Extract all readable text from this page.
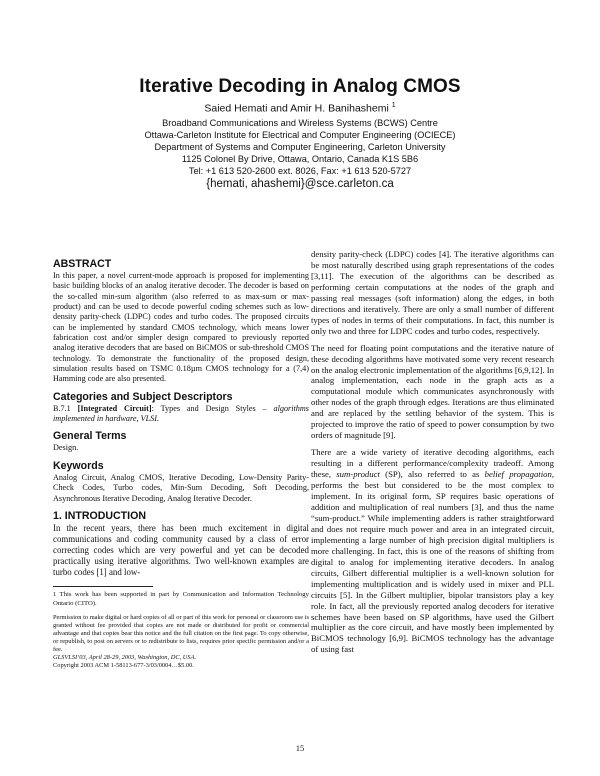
Iterative Decoding in Analog CMOS
Saied Hemati and Amir H. Banihashemi $^1$
Broadband Communications and Wireless Systems (BCWS) Centre
Ottawa-Carleton Institute for Electrical and Computer Engineering (OCIECE)
Department of Systems and Computer Engineering, Carleton University
1125 Colonel By Drive, Ottawa, Ontario, Canada K1S 5B6
Tel: +1 613 520-2600 ext. 8026, Fax: +1 613 520-5727
{hemati, ahashemi}@sce.carleton.ca
ABSTRACT
In this paper, a novel current-mode approach is proposed for implementing basic building blocks of an analog iterative decoder. The decoder is based on the so-called min-sum algorithm (also referred to as max-sum or max-product) and can be used to decode powerful coding schemes such as low-density parity-check (LDPC) codes and turbo codes. The proposed circuits can be implemented by standard CMOS technology, which means lower fabrication cost and/or simpler design compared to previously reported analog iterative decoders that are based on BiCMOS or sub-threshold CMOS technology. To demonstrate the functionality of the proposed design, simulation results based on TSMC 0.18µm CMOS technology for a (7,4) Hamming code are also presented.
Categories and Subject Descriptors
B.7.1 [Integrated Circuit]: Types and Design Styles – algorithms implemented in hardware, VLSI.
General Terms
Design.
Keywords
Analog Circuit, Analog CMOS, Iterative Decoding, Low-Density Parity-Check Codes, Turbo codes, Min-Sum Decoding, Soft Decoding, Asynchronous Iterative Decoding, Analog Iterative Decoder.
1. INTRODUCTION
In the recent years, there has been much excitement in digital communications and coding community caused by a class of error correcting codes which are very powerful and yet can be decoded practically using iterative algorithms. Two well-known examples are turbo codes [1] and low-
1 This work has been supported in part by Communication and Information Technology Ontario (CITO).
Permission to make digital or hard copies of all or part of this work for personal or classroom use is granted without fee provided that copies are not made or distributed for profit or commercial advantage and that copies bear this notice and the full citation on the first page. To copy otherwise, or republish, to post on servers or to redistribute to lists, requires prior specific permission and/or a fee.
GLSVLSI’03, April 28-29, 2003, Washington, DC, USA.
Copyright 2003 ACM 1-58113-677-3/03/0004…$5.00.
density parity-check (LDPC) codes [4]. The iterative algorithms can be most naturally described using graph representations of the codes [3,11]. The execution of the algorithms can be described as performing certain computations at the nodes of the graph and passing real messages (soft information) along the edges, in both directions and iteratively. There are only a small number of different types of nodes in terms of their computations. In fact, this number is only two and three for LDPC codes and turbo codes, respectively.
The need for floating point computations and the iterative nature of these decoding algorithms have motivated some very recent research on the analog electronic implementation of the algorithms [6,9,12]. In analog implementation, each node in the graph acts as a computational module which communicates asynchronously with other nodes of the graph through edges. Iterations are thus eliminated and are replaced by the settling behavior of the system. This is projected to improve the ratio of speed to power consumption by two orders of magnitude [9].
There are a wide variety of iterative decoding algorithms, each resulting in a different performance/complexity tradeoff. Among these, sum-product (SP), also referred to as belief propagation, performs the best but considered to be the most complex to implement. In its original form, SP requires basic operations of addition and multiplication of real numbers [3], and thus the name “sum-product.” While implementing adders is rather straightforward and does not require much power and area in an integrated circuit, implementing a large number of high precision digital multipliers is more challenging. In fact, this is one of the reasons of shifting from digital to analog for implementing iterative decoders. In analog circuits, Gilbert differential multiplier is a well-known solution for implementing multiplication and is widely used in mixer and PLL circuits [5]. In the Gilbert multiplier, bipolar transistors play a key role. In fact, all the previously reported analog decoders for iterative schemes have been based on SP algorithms, have used the Gilbert multiplier as the core circuit, and have mostly been implemented by BiCMOS technology [6,9]. BiCMOS technology has the advantage of using fast
15
